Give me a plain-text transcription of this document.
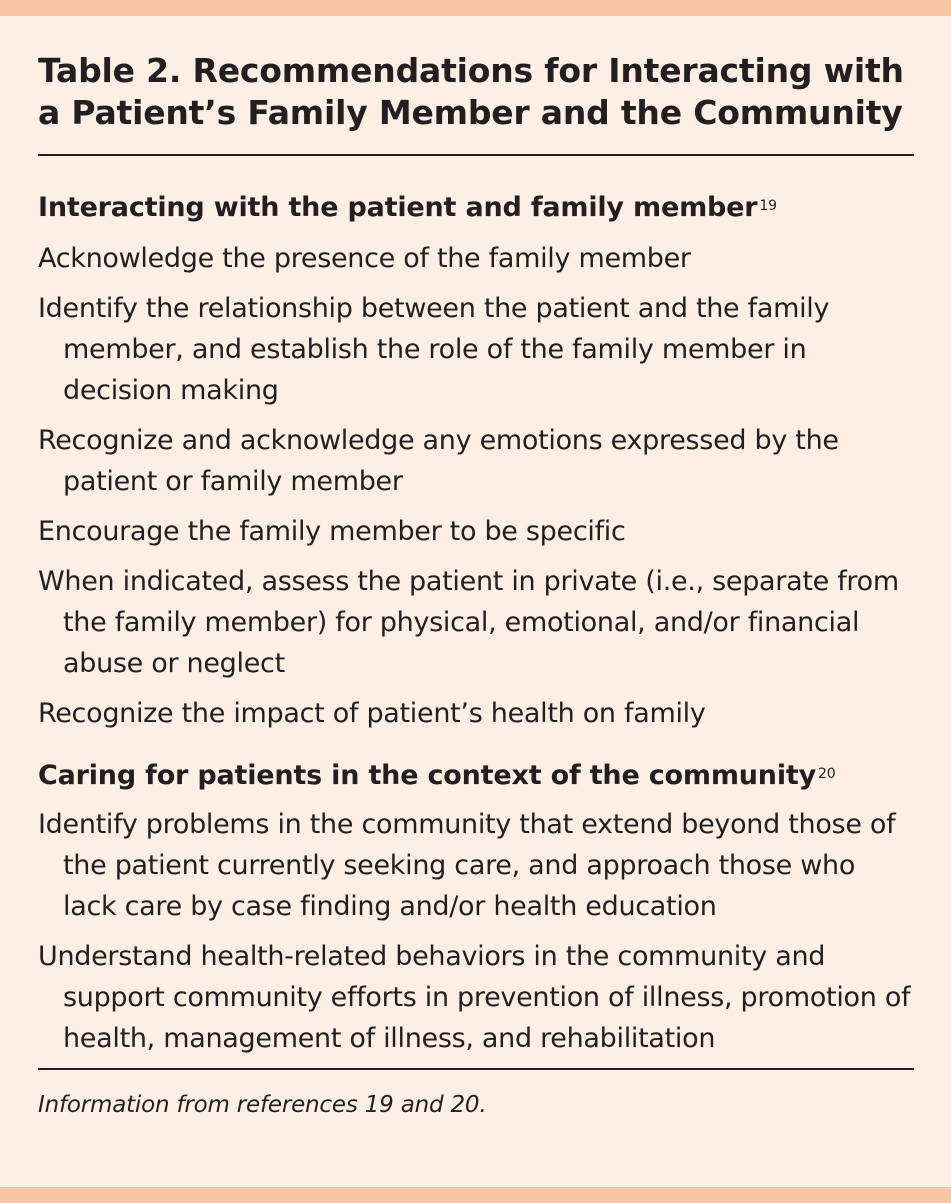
Table 2. Recommendations for Interacting with
a Patient’s Family Member and the Community
Interacting with the patient and family member $^{19}$
Acknowledge the presence of the family member
Identify the relationship between the patient and the family member, and establish the role of the family member in decision making
Recognize and acknowledge any emotions expressed by the patient or family member
Encourage the family member to be specific
When indicated, assess the patient in private (i.e., separate from the family member) for physical, emotional, and/or financial abuse or neglect
Recognize the impact of patient’s health on family
Caring for patients in the context of the community $^{20}$
Identify problems in the community that extend beyond those of the patient currently seeking care, and approach those who lack care by case finding and/or health education
Understand health-related behaviors in the community and support community efforts in prevention of illness, promotion of health, management of illness, and rehabilitation

Information from references 19 and 20.
